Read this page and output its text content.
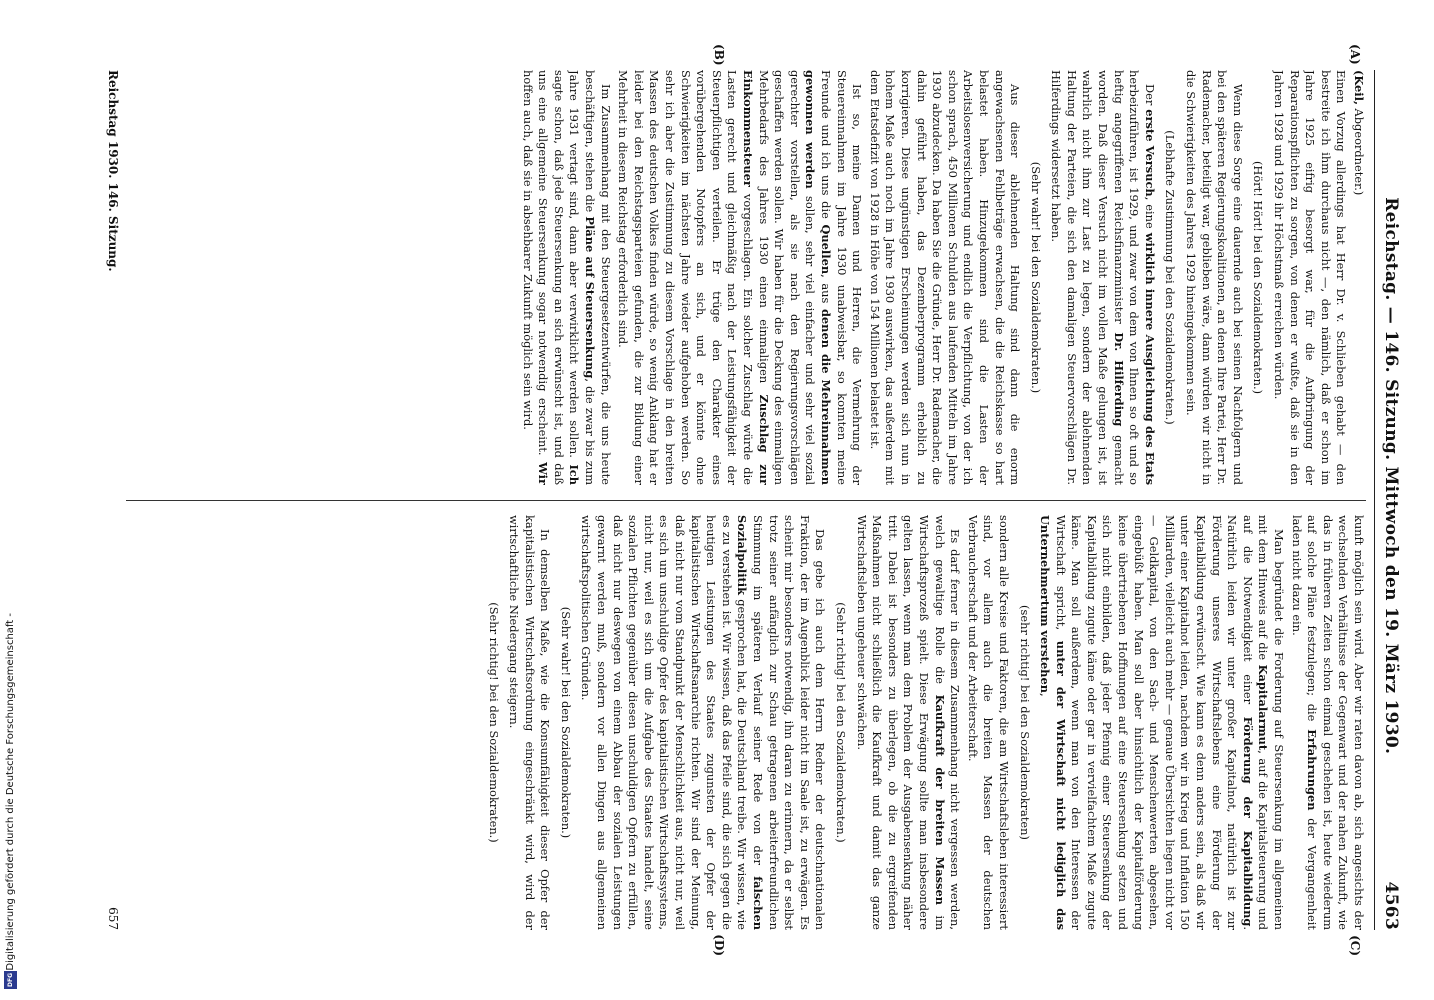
Reichstag. — 146. Sitzung. Mittwoch den 19. März 1930.
4563
(A)
(B)
(C)
(D)

(Keil, Abgeordneter.)

Einen Vorzug allerdings hat Herr Dr. v. Schlieben gehabt — den bestreite ich ihm durchaus nicht —, den nämlich, daß er schon im Jahre 1925 eifrig besorgt war, für die Aufbringung der Reparationspflichten zu sorgen, von denen er wußte, daß sie in den Jahren 1928 und 1929 ihr Höchstmaß erreichen würden.

(Hört! Hört! bei den Sozialdemokraten.)

Wenn diese Sorge eine dauernde auch bei seinen Nachfolgern und bei den späteren Regierungskoalitionen, an denen Ihre Partei, Herr Dr. Rademacher, beteiligt war, geblieben wäre, dann würden wir nicht in die Schwierigkeiten des Jahres 1929 hineingekommen sein.

(Lebhafte Zustimmung bei den Sozialdemokraten.)

Der erste Versuch, eine wirklich innere Ausgleichung des Etats herbeizuführen, ist 1929, und zwar von dem von Ihnen so oft und so heftig angegriffenen Reichsfinanzminister Dr. Hilferding gemacht worden. Daß dieser Versuch nicht im vollen Maße gelungen ist, ist wahrlich nicht ihm zur Last zu legen, sondern der ablehnenden Haltung der Parteien, die sich den damaligen Steuervorschlägen Dr. Hilferdings widersetzt haben.

(Sehr wahr! bei den Sozialdemokraten.)

Aus dieser ablehnenden Haltung sind dann die enorm angewachsenen Fehlbeträge erwachsen, die die Reichskasse so hart belastet haben. Hinzugekommen sind die Lasten der Arbeitslosenversicherung und endlich die Verpflichtung, von der ich schon sprach, 450 Millionen Schulden aus laufenden Mitteln im Jahre 1930 abzudecken. Da haben Sie die Gründe, Herr Dr. Rademacher, die dahin geführt haben, das Dezemberprogramm erheblich zu korrigieren. Diese ungünstigen Erscheinungen werden sich nun in hohem Maße auch noch im Jahre 1930 auswirken, das außerdem mit dem Etatsdefizit von 1928 in Höhe von 154 Millionen belastet ist.

Ist so, meine Damen und Herren, die Vermehrung der Steuereinnahmen im Jahre 1930 unabweisbar, so konnten meine Freunde und ich uns die Quellen, aus denen die Mehreinnahmen gewonnen werden sollen, sehr viel einfacher und sehr viel sozial gerechter vorstellen, als sie nach den Regierungsvorschlägen geschaffen werden sollen. Wir haben für die Deckung des einmaligen Mehrbedarfs des Jahres 1930 einen einmaligen Zuschlag zur Einkommensteuer vorgeschlagen. Ein solcher Zuschlag würde die Lasten gerecht und gleichmäßig nach der Leistungsfähigkeit der Steuerpflichtigen verteilen. Er trüge den Charakter eines vorübergehenden Notopfers an sich, und er könnte ohne Schwierigkeiten im nächsten Jahre wieder aufgehoben werden. So sehr ich aber die Zustimmung zu diesem Vorschlage in den breiten Massen des deutschen Volkes finden würde, so wenig Anklang hat er leider bei den Reichstagsparteien gefunden, die zur Bildung einer Mehrheit in diesem Reichstag erforderlich sind.

Im Zusammenhang mit den Steuergesetzentwürfen, die uns heute beschäftigen, stehen die Pläne auf Steuersenkung, die zwar bis zum Jahre 1931 vertagt sind, dann aber verwirklicht werden sollen. Ich sagte schon, daß jede Steuersenkung an sich erwünscht ist, und daß uns eine allgemeine Steuersenkung sogar notwendig erscheint. Wir hoffen auch, daß sie in absehbarer Zukunft möglich sein wird.

kunft möglich sein wird. Aber wir raten davon ab, sich angesichts der wechselnden Verhältnisse der Gegenwart und der nahen Zukunft, wie das in früheren Zeiten schon einmal geschehen ist, heute wiederum auf solche Pläne festzulegen; die Erfahrungen der Vergangenheit laden nicht dazu ein.

Man begründet die Forderung auf Steuersenkung im allgemeinen mit dem Hinweis auf die Kapitalarmut, auf die Kapitalsteuerung und auf die Notwendigkeit einer Förderung der Kapitalbildung. Natürlich leiden wir unter großer Kapitalnot, natürlich ist zur Förderung unseres Wirtschaftslebens eine Förderung der Kapitalbildung erwünscht. Wie kann es denn anders sein, als daß wir unter einer Kapitalnot leiden, nachdem wir in Krieg und Inflation 150 Milliarden, vielleicht auch mehr — genaue Übersichten liegen nicht vor — Geldkapital, von den Sach- und Menschenwerten abgesehen, eingebüßt haben. Man soll aber hinsichtlich der Kapitalförderung keine übertriebenen Hoffnungen auf eine Steuersenkung setzen und sich nicht einbilden, daß jeder Pfennig einer Steuersenkung der Kapitalbildung zugute käme oder gar in vervielfachtem Maße zugute käme. Man soll außerdem, wenn man von den Interessen der Wirtschaft spricht, unter der Wirtschaft nicht lediglich das Unternehmertum verstehen,

(sehr richtig! bei den Sozialdemokraten)

sondern alle Kreise und Faktoren, die am Wirtschaftsleben interessiert sind, vor allem auch die breiten Massen der deutschen Verbraucherschaft und der Arbeiterschaft.

Es darf ferner in diesem Zusammenhang nicht vergessen werden, welch gewaltige Rolle die Kaufkraft der breiten Massen im Wirtschaftsprozeß spielt. Diese Erwägung sollte man insbesondere gelten lassen, wenn man dem Problem der Ausgabensenkung näher tritt. Dabei ist besonders zu überlegen, ob die zu ergreifenden Maßnahmen nicht schließlich die Kaufkraft und damit das ganze Wirtschaftsleben ungeheuer schwächen.

(Sehr richtig! bei den Sozialdemokraten.)

Das gebe ich auch dem Herrn Redner der deutschnationalen Fraktion, der im Augenblick leider nicht im Saale ist, zu erwägen. Es scheint mir besonders notwendig, ihn daran zu erinnern, da er selbst trotz seiner anfänglich zur Schau getragenen arbeiterfreundlichen Stimmung im späteren Verlauf seiner Rede von der falschen Sozialpolitik gesprochen hat, die Deutschland treibe. Wir wissen, wie es zu verstehen ist. Wir wissen, daß das Pfeile sind, die sich gegen die heutigen Leistungen des Staates zugunsten der Opfer der kapitalistischen Wirtschaftsanarchie richten. Wir sind der Meinung, daß nicht nur vom Standpunkt der Menschlichkeit aus, nicht nur, weil es sich um unschuldige Opfer des kapitalistischen Wirtschaftssystems, nicht nur, weil es sich um die Aufgabe des Staates handelt, seine sozialen Pflichten gegenüber diesen unschuldigen Opfern zu erfüllen, daß nicht nur deswegen von einem Abbau der sozialen Leistungen gewarnt werden muß, sondern vor allen Dingen aus allgemeinen wirtschaftspolitischen Gründen.

(Sehr wahr! bei den Sozialdemokraten.)

In demselben Maße, wie die Konsumfähigkeit dieser Opfer der kapitalistischen Wirtschaftsordnung eingeschränkt wird, wird der wirtschaftliche Niedergang steigern.

(Sehr richtig! bei den Sozialdemokraten.)

Reichstag 1930. 146. Sitzung.
657
DFG
Digitalisierung gefördert durch die Deutsche Forschungsgemeinschaft -
